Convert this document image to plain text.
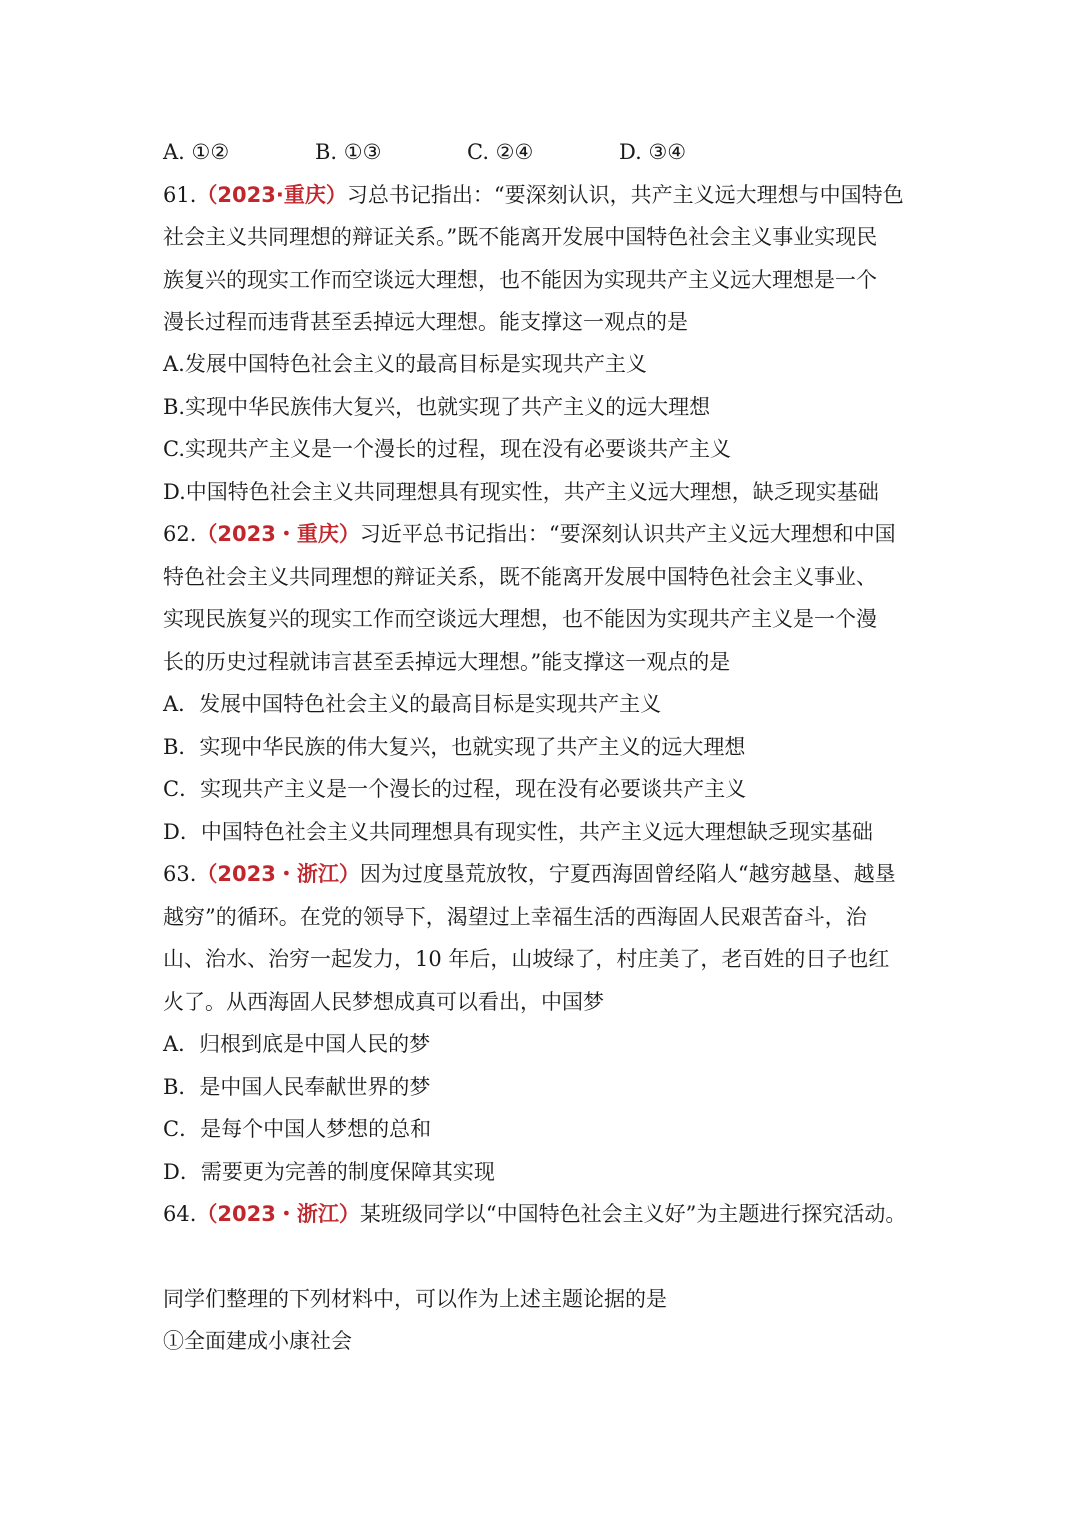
A. ①②	B. ①③	C. ②④	D. ③④
61.（2023·重庆）习总书记指出：“要深刻认识，共产主义远大理想与中国特色
社会主义共同理想的辩证关系。”既不能离开发展中国特色社会主义事业实现民
族复兴的现实工作而空谈远大理想，也不能因为实现共产主义远大理想是一个
漫长过程而违背甚至丢掉远大理想。能支撑这一观点的是
A.发展中国特色社会主义的最高目标是实现共产主义
B.实现中华民族伟大复兴，也就实现了共产主义的远大理想
C.实现共产主义是一个漫长的过程，现在没有必要谈共产主义
D.中国特色社会主义共同理想具有现实性，共产主义远大理想，缺乏现实基础
62.（2023・重庆）习近平总书记指出：“要深刻认识共产主义远大理想和中国
特色社会主义共同理想的辩证关系，既不能离开发展中国特色社会主义事业、
实现民族复兴的现实工作而空谈远大理想，也不能因为实现共产主义是一个漫
长的历史过程就讳言甚至丢掉远大理想。”能支撑这一观点的是
A．发展中国特色社会主义的最高目标是实现共产主义
B．实现中华民族的伟大复兴，也就实现了共产主义的远大理想
C．实现共产主义是一个漫长的过程，现在没有必要谈共产主义
D．中国特色社会主义共同理想具有现实性，共产主义远大理想缺乏现实基础
63.（2023・浙江）因为过度垦荒放牧，宁夏西海固曾经陷人“越穷越垦、越垦
越穷”的循环。在党的领导下，渴望过上幸福生活的西海固人民艰苦奋斗，治
山、治水、治穷一起发力，10 年后，山坡绿了，村庄美了，老百姓的日子也红
火了。从西海固人民梦想成真可以看出，中国梦
A．归根到底是中国人民的梦
B．是中国人民奉献世界的梦
C．是每个中国人梦想的总和
D．需要更为完善的制度保障其实现
64.（2023・浙江）某班级同学以“中国特色社会主义好”为主题进行探究活动。
同学们整理的下列材料中，可以作为上述主题论据的是
①全面建成小康社会
